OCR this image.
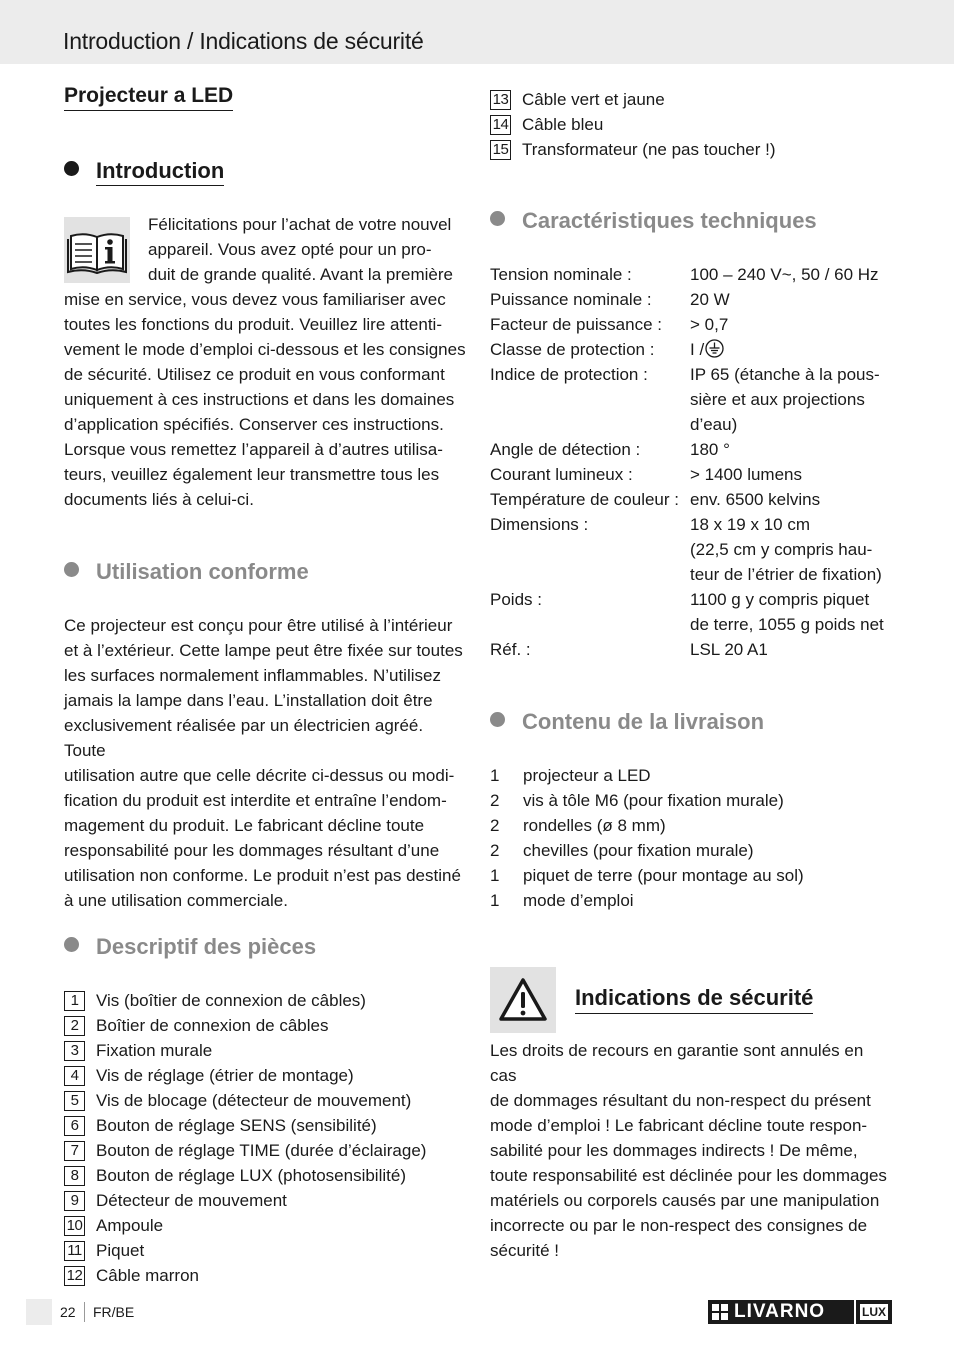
Introduction / Indications de sécurité
Projecteur a LED
Introduction
Félicitations pour l’achat de votre nouvel
appareil. Vous avez opté pour un pro-
duit de grande qualité. Avant la première
mise en service, vous devez vous familiariser avec
toutes les fonctions du produit. Veuillez lire attenti-
vement le mode d’emploi ci-dessous et les consignes
de sécurité. Utilisez ce produit en vous conformant
uniquement à ces instructions et dans les domaines
d’application spécifiés. Conserver ces instructions.
Lorsque vous remettez l’appareil à d’autres utilisa-
teurs, veuillez également leur transmettre tous les
documents liés à celui-ci.
Utilisation conforme
Ce projecteur est conçu pour être utilisé à l’intérieur
et à l’extérieur. Cette lampe peut être fixée sur toutes
les surfaces normalement inflammables. N’utilisez
jamais la lampe dans l’eau. L’installation doit être
exclusivement réalisée par un électricien agréé. Toute
utilisation autre que celle décrite ci-dessus ou modi-
fication du produit est interdite et entraîne l’endom-
magement du produit. Le fabricant décline toute
responsabilité pour les dommages résultant d’une
utilisation non conforme. Le produit n’est pas destiné
à une utilisation commerciale.
Descriptif des pièces
1 Vis (boîtier de connexion de câbles)
2 Boîtier de connexion de câbles
3 Fixation murale
4 Vis de réglage (étrier de montage)
5 Vis de blocage (détecteur de mouvement)
6 Bouton de réglage SENS (sensibilité)
7 Bouton de réglage TIME (durée d’éclairage)
8 Bouton de réglage LUX (photosensibilité)
9 Détecteur de mouvement
10 Ampoule
11 Piquet
12 Câble marron
13 Câble vert et jaune
14 Câble bleu
15 Transformateur (ne pas toucher !)
Caractéristiques techniques
Tension nominale :	100 – 240 V~, 50 / 60 Hz

Puissance nominale :	20 W

Facteur de puissance :	> 0,7

Classe de protection :	I /
Indice de protection :	IP 65 (étanche à la pous-
sière et aux projections
d’eau)

Angle de détection :	180 °

Courant lumineux :	> 1400 lumens

Température de couleur :	env. 6500 kelvins

Dimensions :	18 x 19 x 10 cm
(22,5 cm y compris hau-
teur de l’étrier de fixation)

Poids :	1100 g y compris piquet
de terre, 1055 g poids net

Réf. :	LSL 20 A1
Contenu de la livraison
1 projecteur a LED
2 vis à tôle M6 (pour fixation murale)
2 rondelles (ø 8 mm)
2 chevilles (pour fixation murale)
1 piquet de terre (pour montage au sol)
1 mode d’emploi
Indications de sécurité
Les droits de recours en garantie sont annulés en cas
de dommages résultant du non-respect du présent
mode d’emploi ! Le fabricant décline toute respon-
sabilité pour les dommages indirects ! De même,
toute responsabilité est déclinée pour les dommages
matériels ou corporels causés par une manipulation
incorrecte ou par le non-respect des consignes de
sécurité !
22 FR/BE	LIVARNO	LUX
